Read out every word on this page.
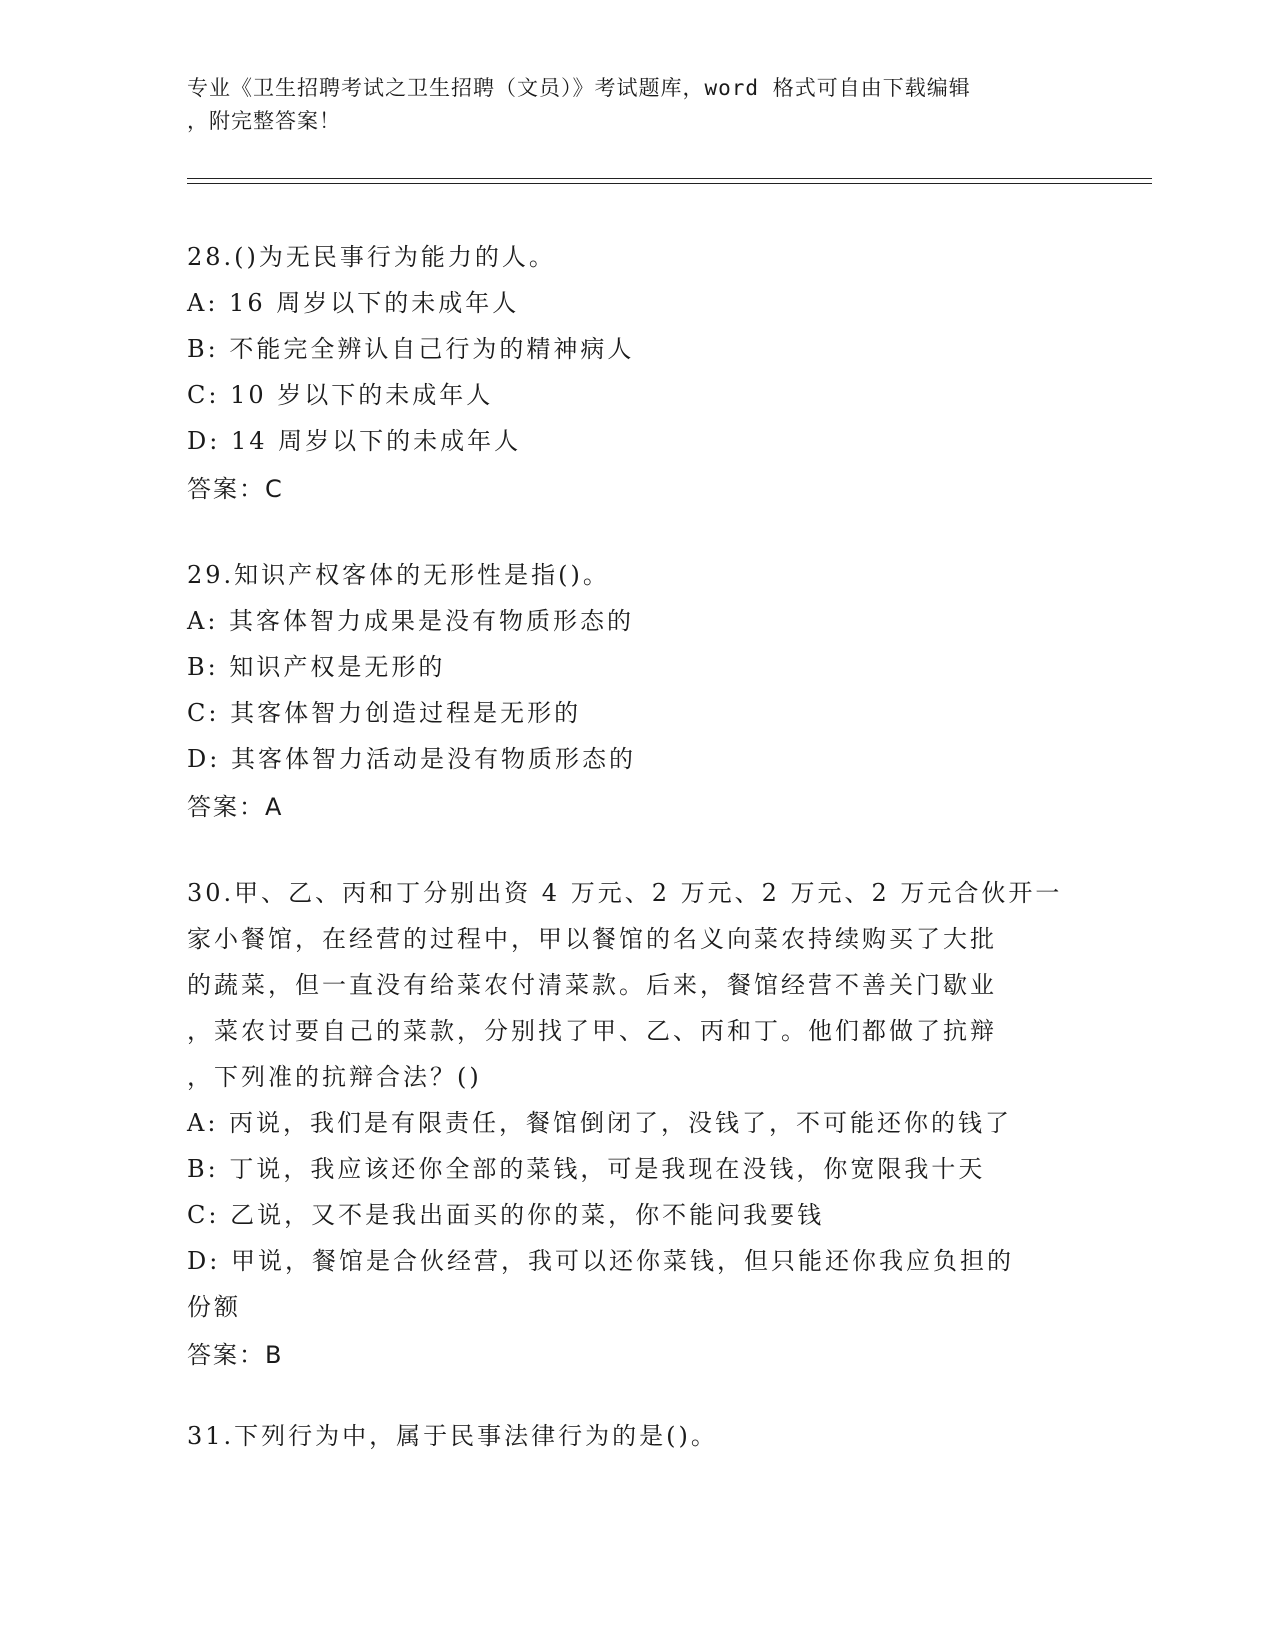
专业《卫生招聘考试之卫生招聘（文员）》考试题库，word 格式可自由下载编辑
，附完整答案！
28.()为无民事行为能力的人。
A: 16 周岁以下的未成年人
B: 不能完全辨认自己行为的精神病人
C: 10 岁以下的未成年人
D: 14 周岁以下的未成年人
答案：C
29.知识产权客体的无形性是指()。
A: 其客体智力成果是没有物质形态的
B: 知识产权是无形的
C: 其客体智力创造过程是无形的
D: 其客体智力活动是没有物质形态的
答案：A
30.甲、乙、丙和丁分别出资 4 万元、2 万元、2 万元、2 万元合伙开一
家小餐馆，在经营的过程中，甲以餐馆的名义向菜农持续购买了大批
的蔬菜，但一直没有给菜农付清菜款。后来，餐馆经营不善关门歇业
，菜农讨要自己的菜款，分别找了甲、乙、丙和丁。他们都做了抗辩
，下列准的抗辩合法？()
A: 丙说，我们是有限责任，餐馆倒闭了，没钱了，不可能还你的钱了
B: 丁说，我应该还你全部的菜钱，可是我现在没钱，你宽限我十天
C: 乙说，又不是我出面买的你的菜，你不能问我要钱
D: 甲说，餐馆是合伙经营，我可以还你菜钱，但只能还你我应负担的
份额
答案：B
31.下列行为中，属于民事法律行为的是()。
